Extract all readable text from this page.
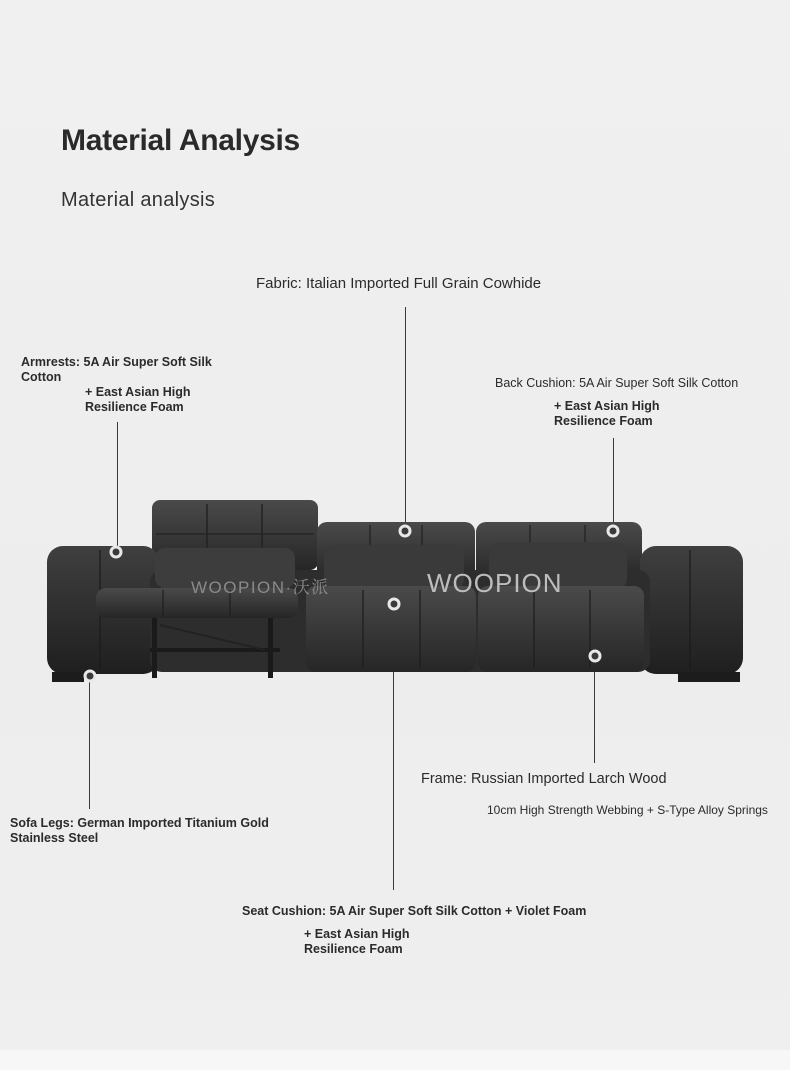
Material Analysis
Material analysis
Fabric: Italian Imported Full Grain Cowhide
Armrests: 5A Air Super Soft Silk Cotton
+ East Asian High Resilience Foam
Back Cushion: 5A Air Super Soft Silk Cotton
+ East Asian High Resilience Foam
Frame: Russian Imported Larch Wood
10cm High Strength Webbing + S-Type Alloy Springs
Sofa Legs: German Imported Titanium Gold Stainless Steel
Seat Cushion: 5A Air Super Soft Silk Cotton + Violet Foam
+ East Asian High Resilience Foam
WOOPION
WOOPION·沃派
